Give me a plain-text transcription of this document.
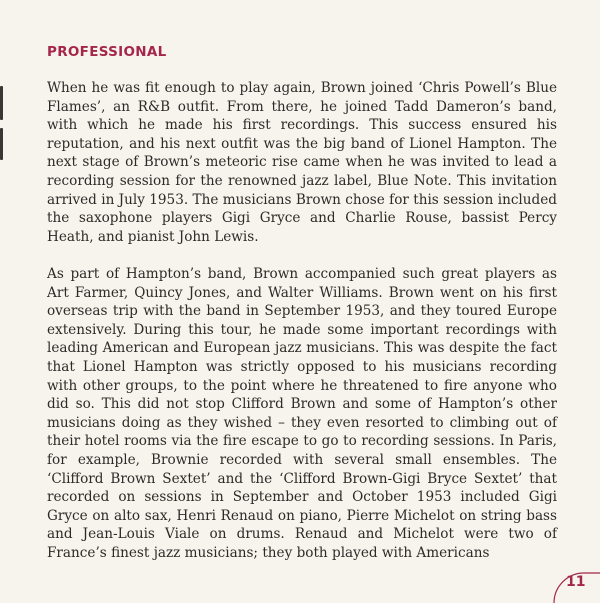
PROFESSIONAL

When he was fit enough to play again, Brown joined ‘Chris Powell’s Blue Flames’, an R&B outfit. From there, he joined Tadd Dameron’s band, with which he made his first recordings. This success ensured his reputation, and his next outfit was the big band of Lionel Hampton. The next stage of Brown’s meteoric rise came when he was invited to lead a recording session for the renowned jazz label, Blue Note. This invitation arrived in July 1953. The musicians Brown chose for this session included the saxophone players Gigi Gryce and Charlie Rouse, bassist Percy Heath, and pianist John Lewis.

As part of Hampton’s band, Brown accompanied such great players as Art Farmer, Quincy Jones, and Walter Williams. Brown went on his first overseas trip with the band in September 1953, and they toured Europe extensively. During this tour, he made some important recordings with leading American and European jazz musicians. This was despite the fact that Lionel Hampton was strictly opposed to his musicians recording with other groups, to the point where he threatened to fire anyone who did so. This did not stop Clifford Brown and some of Hampton’s other musicians doing as they wished – they even resorted to climbing out of their hotel rooms via the fire escape to go to recording sessions. In Paris, for example, Brownie recorded with several small ensembles. The ‘Clifford Brown Sextet’ and the ‘Clifford Brown-Gigi Bryce Sextet’ that recorded on sessions in September and October 1953 included Gigi Gryce on alto sax, Henri Renaud on piano, Pierre Michelot on string bass and Jean-Louis Viale on drums. Renaud and Michelot were two of France’s finest jazz musicians; they both played with Americans

11
